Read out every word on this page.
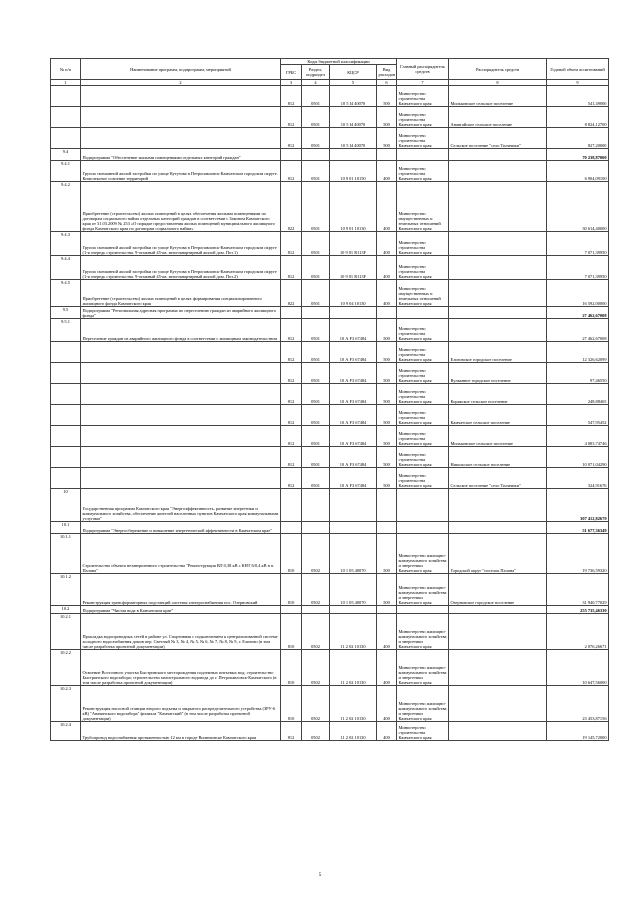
№ п/п	Наименование программ, подпрограмм, мероприятий	Коды бюджетной классификации				Главный распорядитель средств	Распорядитель средств	Годовой объем ассигнований
		ГРБС	Раздел, подраздел	КЦСР	Вид расходов			
1	2	3	4	5	6	7	8	9
		812	0501	10 5 I4 40070	500	Министерство строительства Камчатского края	Мильковское сельское поселение	541,49000
		812	0501	10 5 I4 40070	500	Министерство строительства Камчатского края	Анавгайское сельское поселение	8 824,12700
		812	0501	10 5 I4 40070	500	Министерство строительства Камчатского края	Сельское поселение "село Тиличики"	827,20000
9.4	Подпрограмма "Обеспечение жилыми помещениями отдельных категорий граждан"							70 238,87000
9.4.1	Группа смешанной жилой застройки по улице Кутузова в Петропавловск-Камчатском городском округе. Комплексное освоение территорий	812	0501	10 9 01 10150	400	Министерство строительства Камчатского края		6 904,09100
9.4.2	Приобретение (строительство) жилых помещений в целях обеспечения жилыми помещениями по договорам социального найма отдельных категорий граждан в соответствии с Законом Камчатского края от 31.03.2009 № 253 «О порядке предоставления жилых помещений муниципального жилищного фонда Камчатского края по договорам социального найма»	822	0501	10 9 01 10130	400	Министерство имущественных и земельных отношений Камчатского края		30 614,40000
9.4.3	Группа смешанной жилой застройки по улице Кутузова в Петропавловск-Камчатском городском округе (1-я очередь строительства. 9-этажный 45-кв. многоквартирный жилой дом. Поз.1)	812	0501	10 9 01 R113F	400	Министерство строительства Камчатского края		7 071,39950
9.4.4	Группа смешанной жилой застройки по улице Кутузова в Петропавловск-Камчатском городском округе (1-я очередь строительства. 9-этажный 45-кв. многоквартирный жилой дом. Поз.2)	812	0501	10 9 01 R113F	400	Министерство строительства Камчатского края		7 071,39950
9.4.5	Приобретение (строительство) жилых помещений в целях формирования специализированного жилищного фонда Камчатского края	822	0501	10 9 04 10130	400	Министерство имущественных и земельных отношений Камчатского края		16 592,00000
9.5	Подпрограмма "Региональная адресная программа по переселению граждан из аварийного жилищного фонда"							27 462,67008
9.5.1	Переселение граждан из аварийного жилищного фонда в соответствии с жилищным законодательством	812	0501	10 А F3 67484	500	Министерство строительства Камчатского края		27 462,67008
		812	0501	10 А F3 67484	500	Министерство строительства Камчатского края	Елизовское городское поселение	12 326,62099
		812	0501	10 А F3 67484	500	Министерство строительства Камчатского края	Вулканное городское поселение	97,46550
		812	0501	10 А F3 67484	500	Министерство строительства Камчатского края	Корякское сельское поселение	248,88465
		812	0501	10 А F3 67484	500	Министерство строительства Камчатского края	Камчатское сельское поселение	547,95452
		812	0501	10 А F3 67484	500	Министерство строительства Камчатского края	Мильковское сельское поселение	4 083,74746
		812	0501	10 А F3 67484	500	Министерство строительства Камчатского края	Никольское сельское поселение	10 071,04290
		812	0501	10 А F3 67484	500	Министерство строительства Камчатского края	Сельское поселение "село Тиличики"	324,91676
10	Государственная программа Камчатского края "Энергоэффективность, развитие энергетики и коммунального хозяйства, обеспечение жителей населенных пунктов Камчатского края коммунальными услугами"							307 412,82679
10.1	Подпрограмма "Энергосбережение и повышение энергетической эффективности в Камчатском крае"							51 677,36349
10.1.1	Строительство объекта незавершенного строительства "Реконструкция ВЛ 0,38 кВ с КНТ 6/0,4 кВ в п. Палана"	810	0502	10 1 05 40070	500	Министерство жилищно-коммунального хозяйства и энергетики Камчатского края	Городской округ "поселок Палана"	19 736,59320
10.1.2	Реконструкция трансформаторных подстанций системы электроснабжения пос. Озерновский	810	0502	10 1 05 40070	500	Министерство жилищно-коммунального хозяйства и энергетики Камчатского края	Озерновское городское поселение	31 940,77029
10.2	Подпрограмма "Чистая вода в Камчатском крае"							255 735,46330
10.2.1	Прокладка водопроводных сетей в районе ул. Спортивная с подключением к централизованной системе холодного водоснабжения домов пер. Светлый № 3, № 4, № 5, № 6, № 7, № 8, № 9, г. Елизово (в том числе разработка проектной документации)	810	0502	11 2 02 10130	400	Министерство жилищно-коммунального хозяйства и энергетики Камчатского края		2 076,26671
10.2.2	Освоение Восточного участка Быстринского месторождения подземных питьевых вод; строительство Быстринского водозабора; строительство магистрального водовода до г. Петропавловск-Камчатского (в том числе разработка проектной документации)	810	0502	11 2 02 10130	400	Министерство жилищно-коммунального хозяйства и энергетики Камчатского края		10 647,56000
10.2.3	Реконструкция насосной станции второго подъема и закрытого распределительного устройства (ЗРУ-6 кВ) "Авачинского водозабора" филиала "Камчатский" (в том числе разработка проектной документации)	810	0502	11 2 02 10130	400	Министерство жилищно-коммунального хозяйства и энергетики Камчатского края		23 453,87156
10.2.4	Трубопровод водоснабжения протяженностью 12 км в городе Вилючинске Камчатского края	812	0502	11 2 02 10130	400	Министерство строительства Камчатского края		19 145,72000
5
